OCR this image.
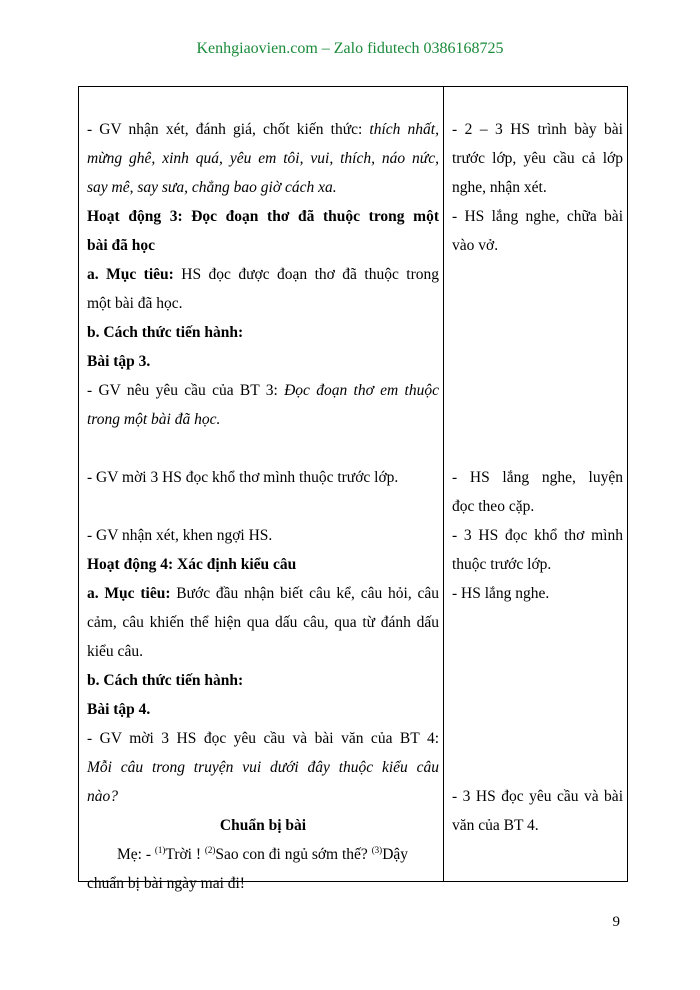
Kenhgiaovien.com – Zalo fidutech 0386168725
- GV nhận xét, đánh giá, chốt kiến thức: thích nhất,
mừng ghê, xinh quá, yêu em tôi, vui, thích, náo nức,
say mê, say sưa, chẳng bao giờ cách xa.
Hoạt động 3: Đọc đoạn thơ đã thuộc trong một
bài đã học
a. Mục tiêu: HS đọc được đoạn thơ đã thuộc trong
một bài đã học.
b. Cách thức tiến hành:
Bài tập 3.
- GV nêu yêu cầu của BT 3: Đọc đoạn thơ em thuộc
trong một bài đã học.
- GV mời 3 HS đọc khổ thơ mình thuộc trước lớp.
- GV nhận xét, khen ngợi HS.
Hoạt động 4: Xác định kiểu câu
a. Mục tiêu: Bước đầu nhận biết câu kể, câu hỏi, câu
cảm, câu khiến thể hiện qua dấu câu, qua từ đánh dấu
kiểu câu.
b. Cách thức tiến hành:
Bài tập 4.
- GV mời 3 HS đọc yêu cầu và bài văn của BT 4:
Mỗi câu trong truyện vui dưới đây thuộc kiểu câu
nào?
Chuẩn bị bài
Mẹ: - $^{(1)}$Trời ! $^{(2)}$Sao con đi ngủ sớm thế? $^{(3)}$Dậy
chuẩn bị bài ngày mai đi!
- 2 – 3 HS trình bày bài
trước lớp, yêu cầu cả lớp
nghe, nhận xét.
- HS lắng nghe, chữa bài
vào vở.
- HS lắng nghe, luyện
đọc theo cặp.
- 3 HS đọc khổ thơ mình
thuộc trước lớp.
- HS lắng nghe.
- 3 HS đọc yêu cầu và bài
văn của BT 4.
9
